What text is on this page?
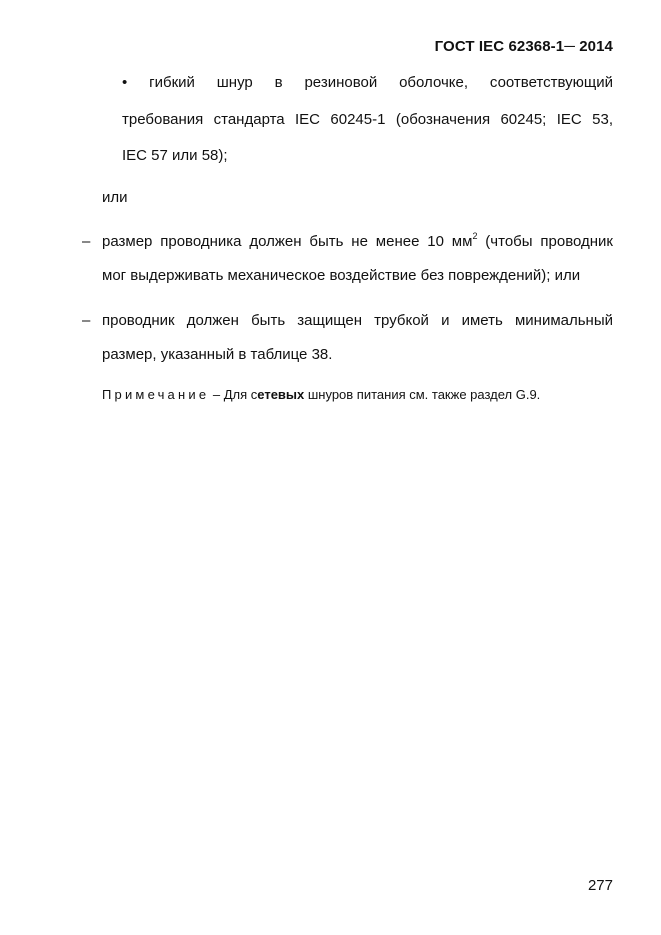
ГОСТ IEC 62368-1─ 2014
• гибкий шнур в резиновой оболочке, соответствующий
требования стандарта IEC 60245-1 (обозначения 60245; IEC 53,
IEC 57 или 58);
или
– размер проводника должен быть не менее 10 $мм^2$ (чтобы проводник
мог выдерживать механическое воздействие без повреждений); или
– проводник должен быть защищен трубкой и иметь минимальный
размер, указанный в таблице 38.
Примечание – Для сетевых шнуров питания см. также раздел G.9.
277
